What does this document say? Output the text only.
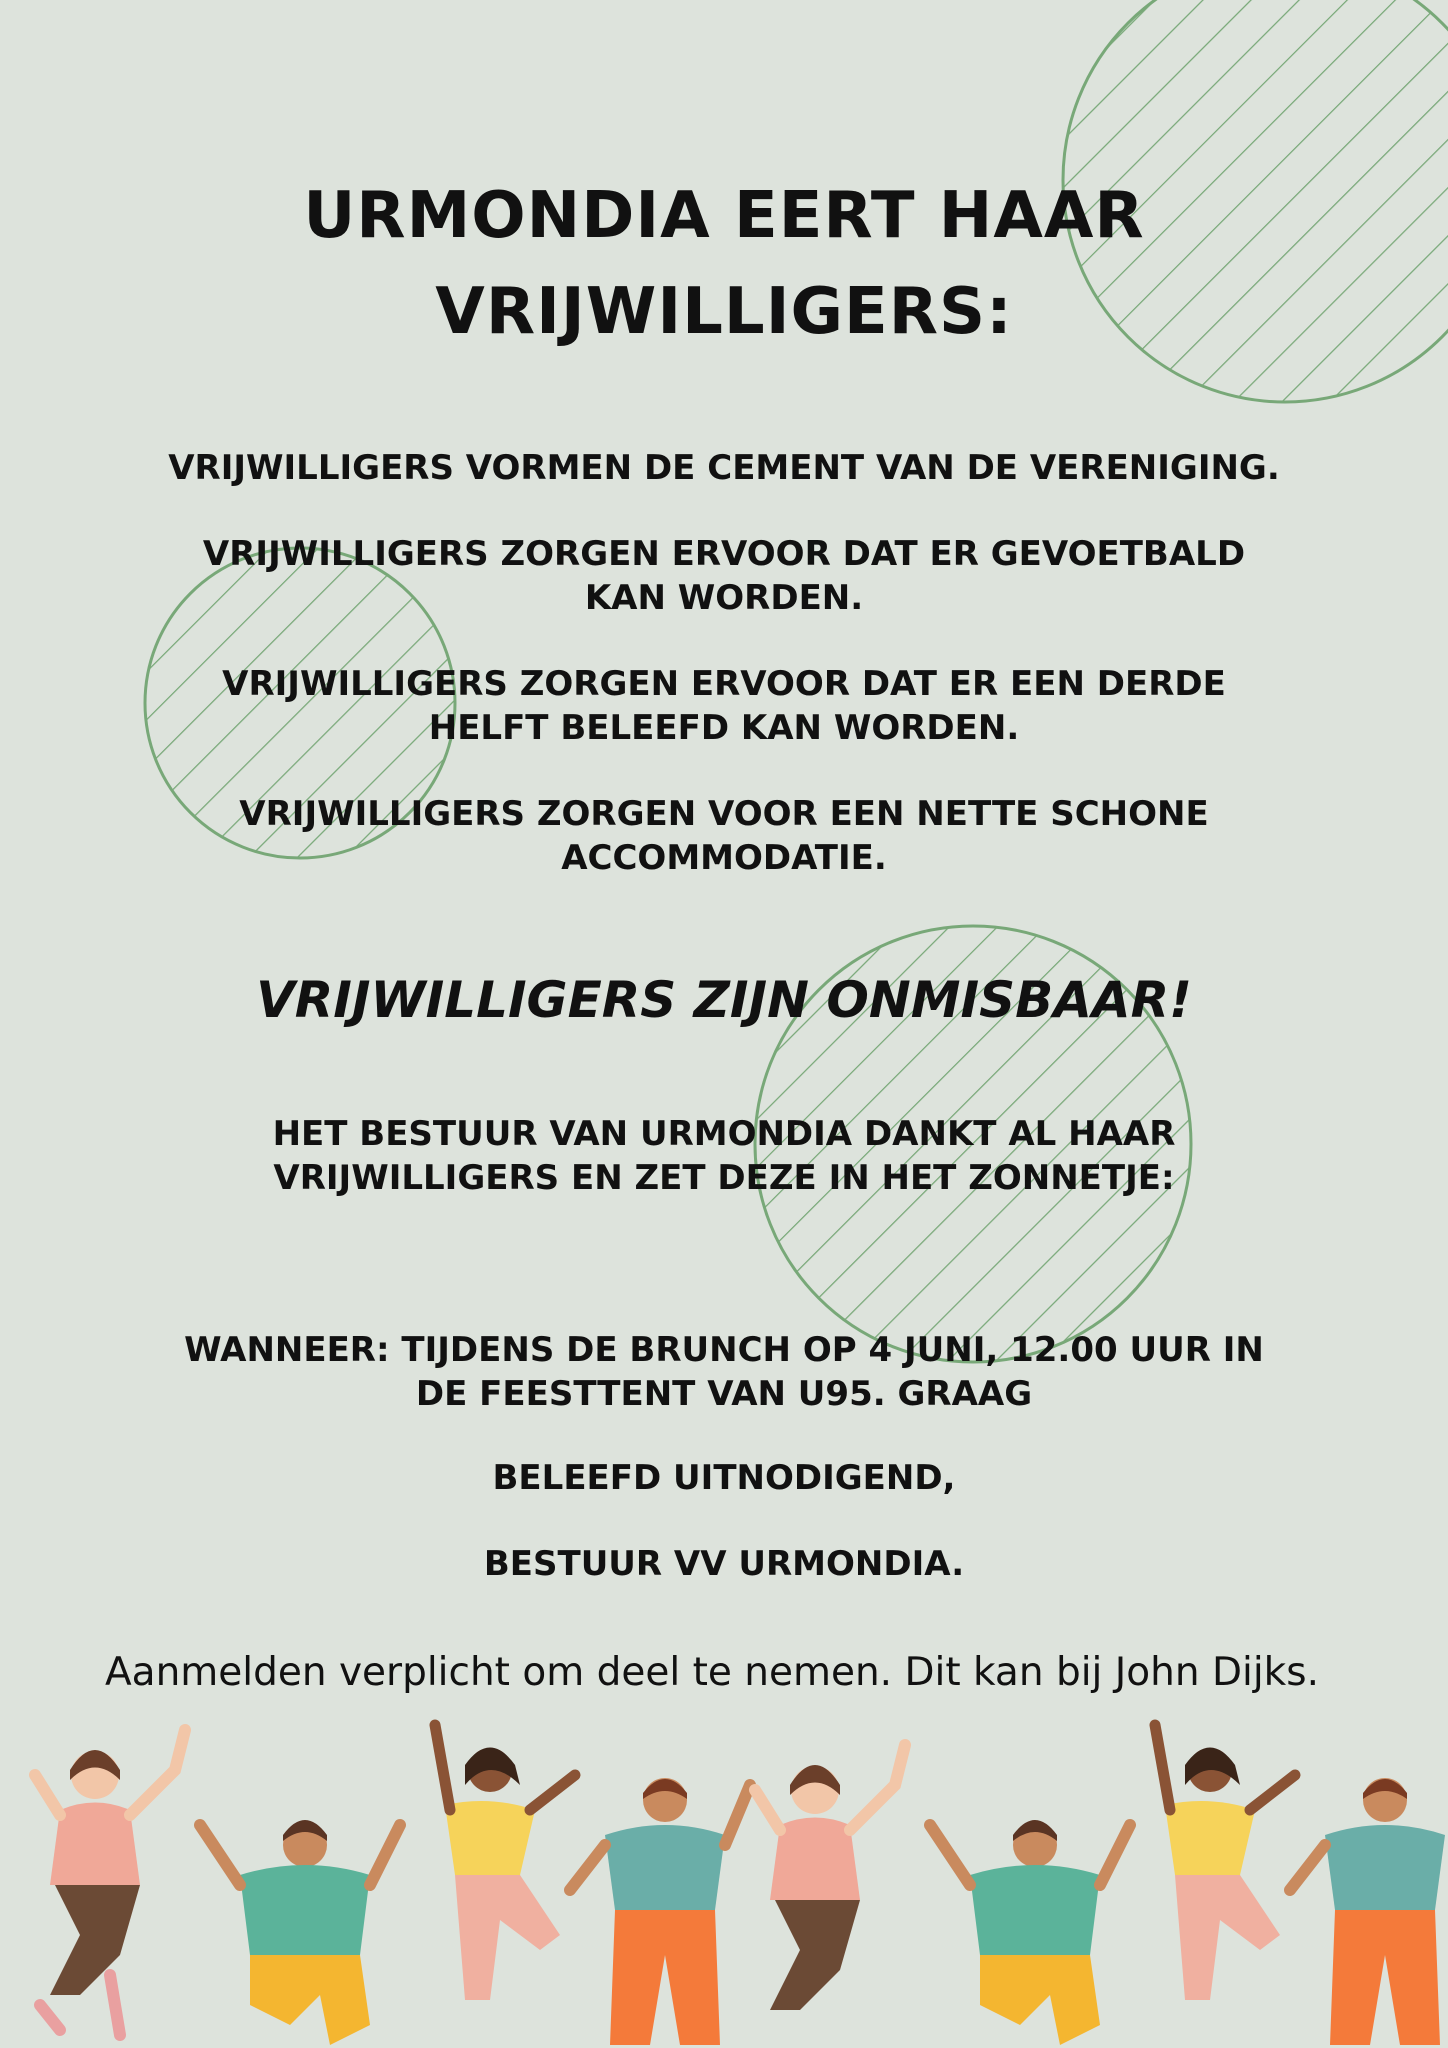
URMONDIA EERT HAAR
VRIJWILLIGERS:
VRIJWILLIGERS VORMEN DE CEMENT VAN DE VERENIGING.
VRIJWILLIGERS ZORGEN ERVOOR DAT ER GEVOETBALD
KAN WORDEN.
VRIJWILLIGERS ZORGEN ERVOOR DAT ER EEN DERDE
HELFT BELEEFD KAN WORDEN.
VRIJWILLIGERS ZORGEN VOOR EEN NETTE SCHONE
ACCOMMODATIE.
VRIJWILLIGERS ZIJN ONMISBAAR!
HET BESTUUR VAN URMONDIA DANKT AL HAAR
VRIJWILLIGERS EN ZET DEZE IN HET ZONNETJE:
WANNEER: TIJDENS DE BRUNCH OP 4 JUNI, 12.00 UUR IN
DE FEESTTENT VAN U95. GRAAG
BELEEFD UITNODIGEND,
BESTUUR VV URMONDIA.
Aanmelden verplicht om deel te nemen. Dit kan bij John Dijks.
